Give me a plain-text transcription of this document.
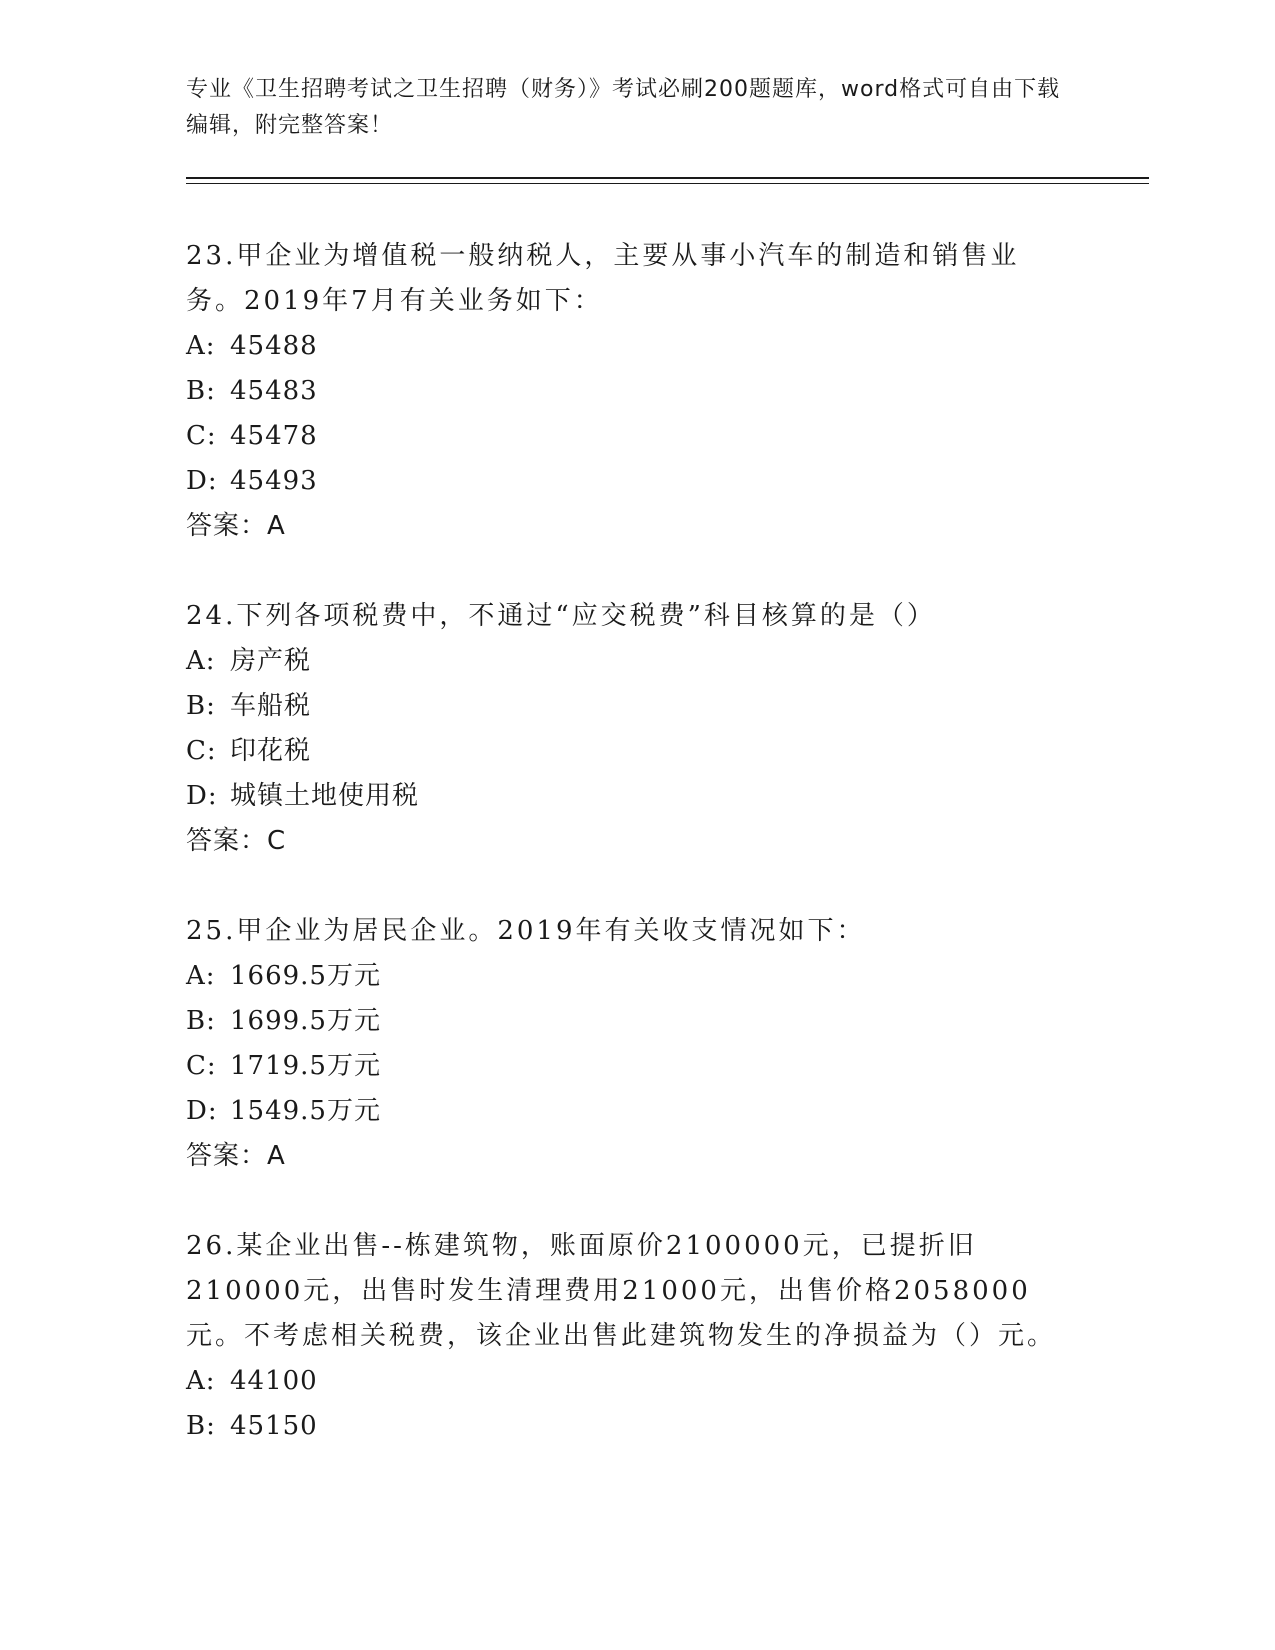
专业《卫生招聘考试之卫生招聘（财务）》考试必刷200题题库，word格式可自由下载编辑，附完整答案！
23.甲企业为增值税一般纳税人，主要从事小汽车的制造和销售业务。2019年7月有关业务如下：
A: 45488
B: 45483
C: 45478
D: 45493
答案：A
24.下列各项税费中，不通过“应交税费”科目核算的是（）
A: 房产税
B: 车船税
C: 印花税
D: 城镇土地使用税
答案：C
25.甲企业为居民企业。2019年有关收支情况如下：
A: 1669.5万元
B: 1699.5万元
C: 1719.5万元
D: 1549.5万元
答案：A
26.某企业出售--栋建筑物，账面原价2100000元，已提折旧210000元，出售时发生清理费用21000元，出售价格2058000元。不考虑相关税费，该企业出售此建筑物发生的净损益为（）元。
A: 44100
B: 45150
